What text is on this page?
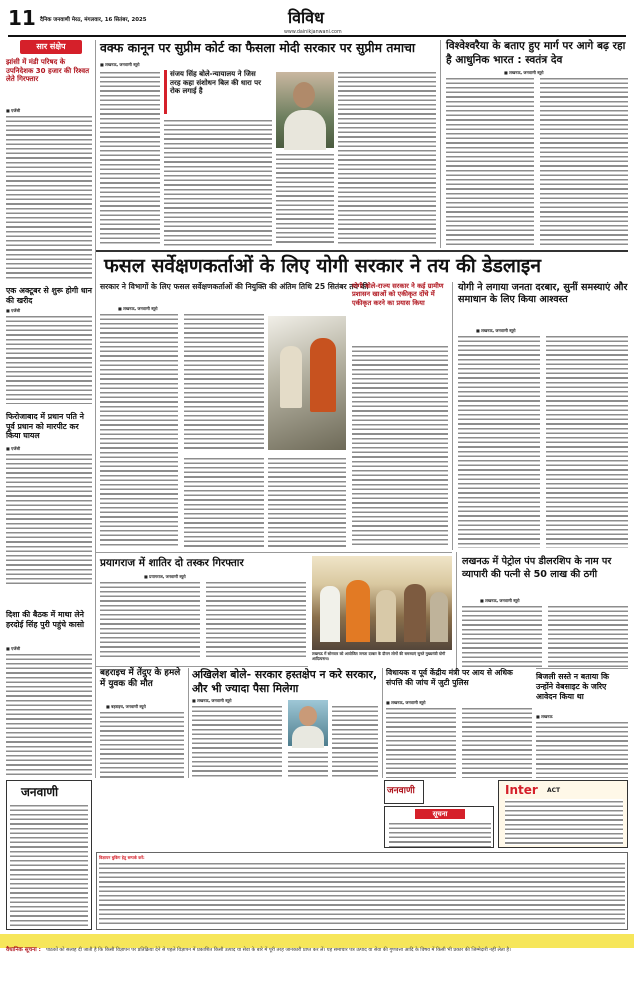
11 दैनिक जनवाणी मेरठ, मंगलवार, 16 सितंबर, 2025	विविध
www.dainikjanwani.com
सार संक्षेप
झांसी में मंडी परिषद के उपनिदेशक 30 हजार की रिश्वत लेते गिरफ्तार
■ एजेंसी
एक अक्टूबर से शुरू होगी धान की खरीद
■ एजेंसी
फिरोजाबाद में प्रधान पति ने पूर्व प्रधान को मारपीट कर किया घायल
■ एजेंसी
दिशा की बैठक में माथा लेने हरदोई सिंह पुरी पहुंचे कासो
■ एजेंसी
वक्फ कानून पर सुप्रीम कोर्ट का फैसला मोदी सरकार पर सुप्रीम तमाचा
■ लखनऊ, जनवाणी ब्यूरो
संजय सिंह बोले-न्यायालय ने जिस तरह कहा संशोधन बिल की धारा पर रोक लगाई है
विश्वेश्वरैया के बताए हुए मार्ग पर आगे बढ़ रहा है आधुनिक भारत : स्वतंत्र देव
■ लखनऊ, जनवाणी ब्यूरो
फसल सर्वेक्षणकर्ताओं के लिए योगी सरकार ने तय की डेडलाइन
सरकार ने विभागों के लिए फसल सर्वेक्षणकर्ताओं की नियुक्ति की अंतिम तिथि 25 सितंबर तय की
■ लखनऊ, जनवाणी ब्यूरो
योगी बोले-राज्य सरकार ने कई ग्रामीण प्रशासन खाओं को एकीकृत दोंचे में एकीकृत करने का प्रयास किया
योगी ने लगाया जनता दरबार, सुनीं समस्याएं और समाधान के लिए किया आश्वस्त
■ लखनऊ, जनवाणी ब्यूरो
प्रयागराज में शातिर दो तस्कर गिरफ्तार
■ प्रयागराज, जनवाणी ब्यूरो
लखनऊ में सोमवार को आयोजित जनता दरबार के दौरान लोगों की समस्याएं सुनते मुख्यमंत्री योगी आदित्यनाथ।
लखनऊ में पेट्रोल पंप डीलरशिप के नाम पर व्यापारी की पत्नी से 50 लाख की ठगी
■ लखनऊ, जनवाणी ब्यूरो
बहराइच में तेंदुए के हमले में युवक की मौत
■ बहराइच, जनवाणी ब्यूरो
अखिलेश बोले- सरकार हस्तक्षेप न करे सरकार, और भी ज्यादा पैसा मिलेगा
■ लखनऊ, जनवाणी ब्यूरो
विधायक व पूर्व केंद्रीय मंत्री पर आय से अधिक संपत्ति की जांच में जुटी पुलिस
■ लखनऊ, जनवाणी ब्यूरो
बिजली सस्ते न बताया कि उन्होंने वेबसाइट के जरिए आवेदन किया था
■ लखनऊ
जनवाणी
सूचना
Inter ACT
जनवाणी
विज्ञापन बुकिंग हेतु सम्पर्क करें:
वैधानिक सूचना : पाठकों को सलाह दी जाती है कि किसी विज्ञापन पर प्रतिक्रिया देने से पहले विज्ञापन में प्रकाशित किसी उत्पाद या सेवा के बारे में पूरी तरह जानकारी प्राप्त कर लें। यह समाचार पत्र उत्पाद या सेवा की गुणवत्ता आदि के विषय में किसी भी प्रकार की जिम्मेदारी नहीं लेता है।
